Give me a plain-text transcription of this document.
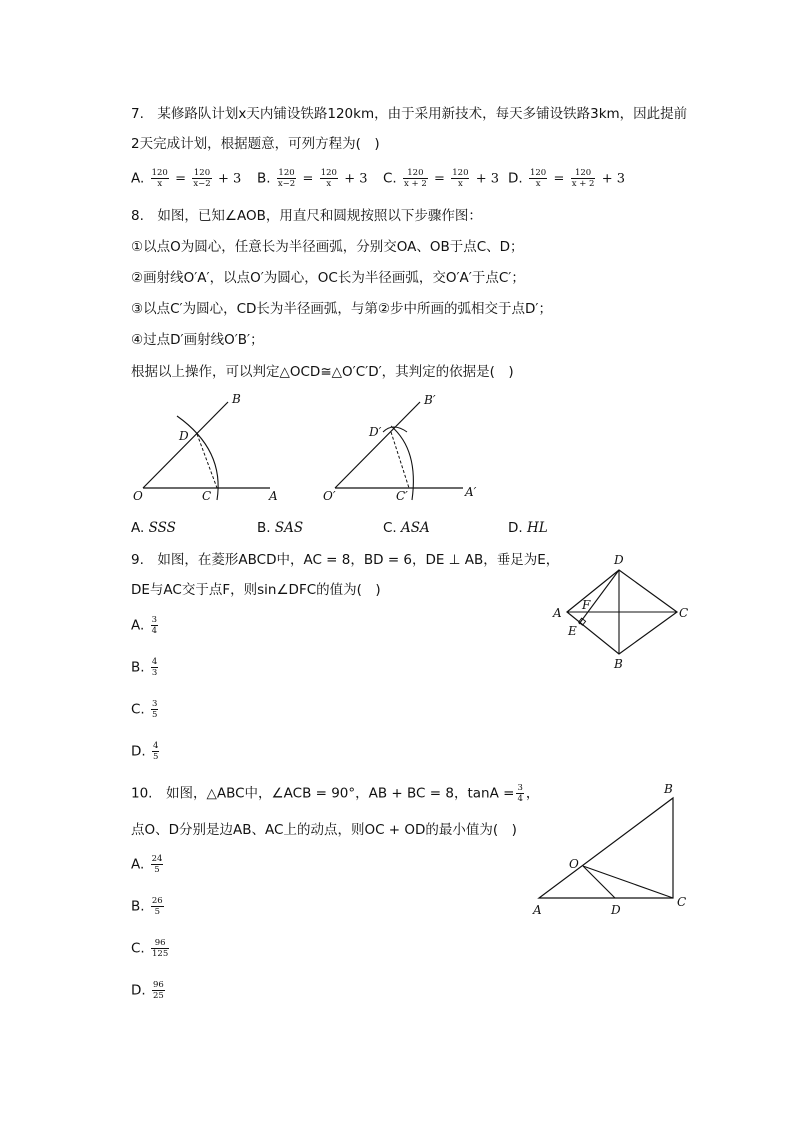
7.　某修路队计划x天内铺设铁路120km，由于采用新技术，每天多铺设铁路3km，因此提前
2天完成计划，根据题意，可列方程为(　)
A. $\frac{120}{x} = \frac{120}{x-2} + 3$ B. $\frac{120}{x-2} = \frac{120}{x} + 3$ C. $\frac{120}{x + 2} = \frac{120}{x} + 3$ D. $\frac{120}{x} = \frac{120}{x + 2} + 3$
8.　如图，已知∠AOB，用直尺和圆规按照以下步骤作图：
①以点O为圆心，任意长为半径画弧，分别交OA、OB于点C、D；
②画射线O′A′，以点O′为圆心，OC长为半径画弧，交O′A′于点C′；
③以点C′为圆心，CD长为半径画弧，与第②步中所画的弧相交于点D′；
④过点D′画射线O′B′；
根据以上操作，可以判定△OCD≅△O′C′D′，其判定的依据是(　)
B
D
O	C	A
B′
D′
O′	C′	A′
A. SSS	B. SAS	C. ASA	D. HL
9.　如图，在菱形ABCD中，AC = 8，BD = 6，DE ⊥ AB，垂足为E，
DE与AC交于点F，则sin∠DFC的值为(　)
D
A
F
C
E
B
A. $\frac{3}{4}$
B. $\frac{4}{3}$
C. $\frac{3}{5}$
D. $\frac{4}{5}$
10.　如图，△ABC中，∠ACB = 90°，AB + BC = 8，$\tan A = \frac{3}{4}$ ，
点O、D分别是边AB、AC上的动点，则OC + OD的最小值为(　)
B
O
A	D
C
A. $\frac{24}{5}$
B. $\frac{26}{5}$
C. $\frac{96}{125}$
D. $\frac{96}{25}$
